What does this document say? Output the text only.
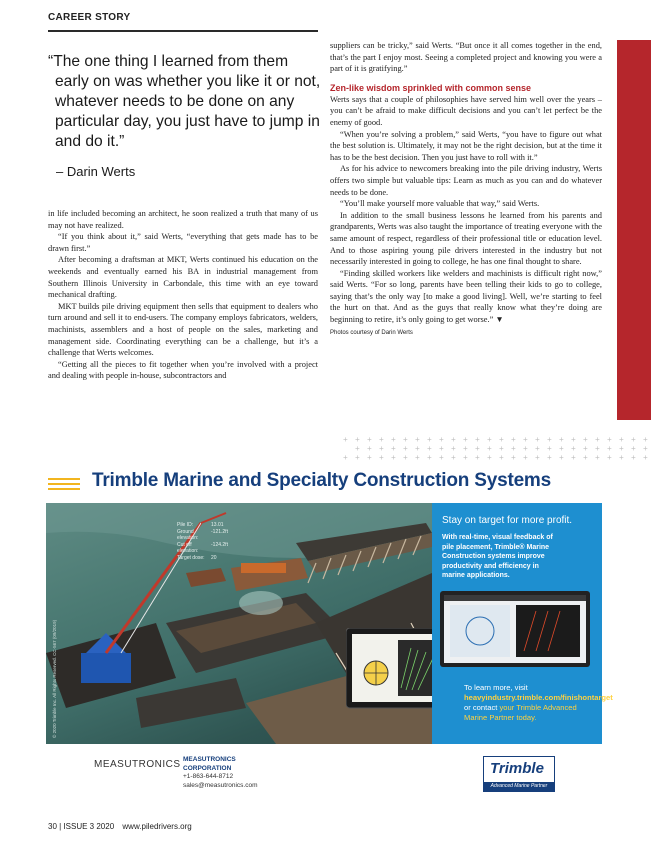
CAREER STORY
“The one thing I learned from them early on was whether you like it or not, whatever needs to be done on any particular day, you just have to jump in and do it.”
– Darin Werts

in life included becoming an architect, he soon realized a truth that many of us may not have realized.

“If you think about it,” said Werts, “everything that gets made has to be drawn first.”

After becoming a draftsman at MKT, Werts continued his education on the weekends and eventually earned his BA in industrial management from Southern Illinois University in Carbondale, this time with an eye toward mechanical drafting.

MKT builds pile driving equipment then sells that equipment to dealers who turn around and sell it to end-users. The company employs fabricators, welders, machinists, assemblers and a host of people on the sales, marketing and management side. Coordinating everything can be a challenge, but it’s a challenge that Werts welcomes.

“Getting all the pieces to fit together when you’re involved with a project and dealing with people in-house, subcontractors and

suppliers can be tricky,” said Werts. “But once it all comes together in the end, that’s the part I enjoy most. Seeing a completed project and knowing you were a part of it is gratifying.”

Zen-like wisdom sprinkled with common sense

Werts says that a couple of philosophies have served him well over the years – you can’t be afraid to make difficult decisions and you can’t let perfect be the enemy of good.

“When you’re solving a problem,” said Werts, “you have to figure out what the best solution is. Ultimately, it may not be the right decision, but at the time it has to be the best decision. Then you just have to roll with it.”

As for his advice to newcomers breaking into the pile driving industry, Werts offers two simple but valuable tips: Learn as much as you can and do whatever needs to be done.

“You’ll make yourself more valuable that way,” said Werts.

In addition to the small business lessons he learned from his parents and grandparents, Werts was also taught the importance of treating everyone with the same amount of respect, regardless of their professional title or education level. And to those aspiring young pile drivers interested in the industry but not necessarily interested in going to college, he has one final thought to share.

“Finding skilled workers like welders and machinists is difficult right now,” said Werts. “For so long, parents have been telling their kids to go to college, saying that’s the only way [to make a good living]. Well, we’re starting to feel the hurt on that. And as the guys that really know what they’re doing are beginning to retire, it’s only going to get worse.” ▼

Photos courtesy of Darin Werts

+ + + + + + + + + + + + + + + + + + + + + + + + + +
+ + + + + + + + + + + + + + + + + + + + + + + + +
+ + + + + + + + + + + + + + + + + + + + + + + + + +
Trimble Marine and Specialty Construction Systems
Pile ID:	13.01
Ground elevation:
-121.2ft
Cut off elevation:
-124.2ft
Target dose:	20
© 2020 Trimble Inc. All Rights Reserved. CC-567 (09/2019)
Stay on target for more profit.
With real-time, visual feedback of pile placement, Trimble® Marine Construction systems improve productivity and efficiency in marine applications.
To learn more, visit heavyindustry.trimble.com/finishontarget or contact your Trimble Advanced Marine Partner today.
MEASUTRONICS MEASUTRONICS
CORPORATION
+1-863-644-8712
sales@measutronics.com
Trimble
Advanced Marine Partner
30 | ISSUE 3 2020 www.piledrivers.org
